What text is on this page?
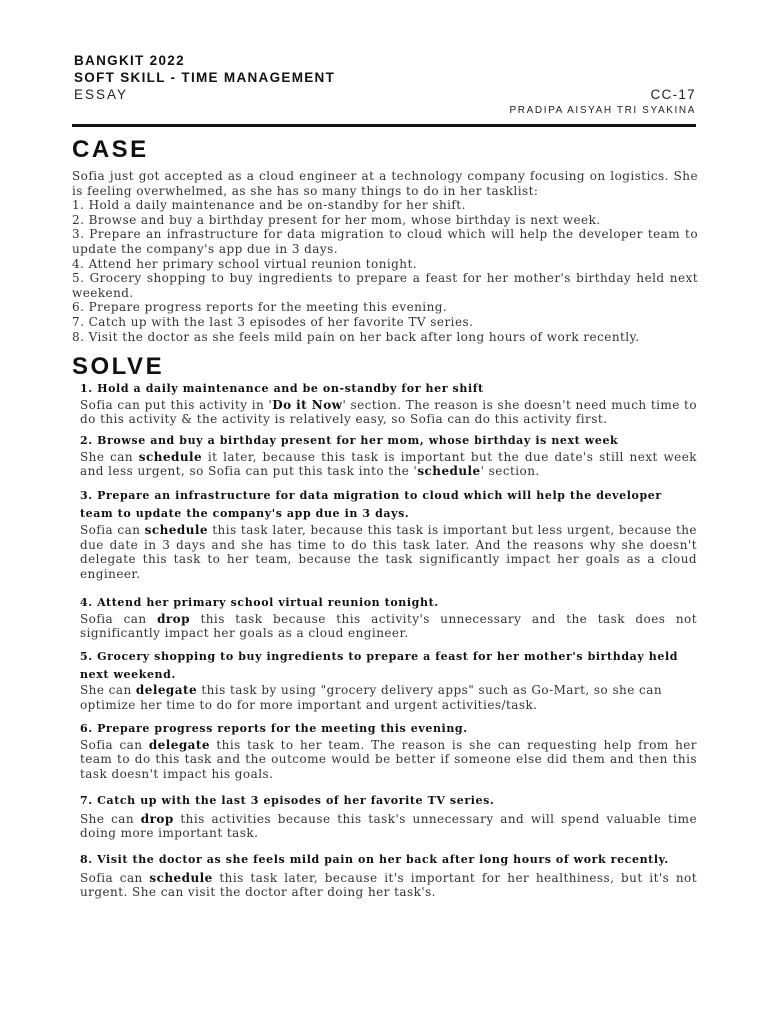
BANGKIT 2022
SOFT SKILL - TIME MANAGEMENT
ESSAY	CC-17
PRADIPA AISYAH TRI SYAKINA
CASE

Sofia just got accepted as a cloud engineer at a technology company focusing on logistics. She is feeling overwhelmed, as she has so many things to do in her tasklist:

1. Hold a daily maintenance and be on-standby for her shift.

2. Browse and buy a birthday present for her mom, whose birthday is next week.

3. Prepare an infrastructure for data migration to cloud which will help the developer team to update the company's app due in 3 days.

4. Attend her primary school virtual reunion tonight.

5. Grocery shopping to buy ingredients to prepare a feast for her mother's birthday held next weekend.

6. Prepare progress reports for the meeting this evening.

7. Catch up with the last 3 episodes of her favorite TV series.

8. Visit the doctor as she feels mild pain on her back after long hours of work recently.

SOLVE

1. Hold a daily maintenance and be on-standby for her shift

Sofia can put this activity in 'Do it Now' section. The reason is she doesn't need much time to do this activity & the activity is relatively easy, so Sofia can do this activity first.

2. Browse and buy a birthday present for her mom, whose birthday is next week

She can schedule it later, because this task is important but the due date's still next week and less urgent, so Sofia can put this task into the 'schedule' section.

3. Prepare an infrastructure for data migration to cloud which will help the developer team to update the company's app due in 3 days.

Sofia can schedule this task later, because this task is important but less urgent, because the due date in 3 days and she has time to do this task later. And the reasons why she doesn't delegate this task to her team, because the task significantly impact her goals as a cloud engineer.

4. Attend her primary school virtual reunion tonight.

Sofia can drop this task because this activity's unnecessary and the task does not significantly impact her goals as a cloud engineer.

5. Grocery shopping to buy ingredients to prepare a feast for her mother's birthday held next weekend.

She can delegate this task by using "grocery delivery apps" such as Go-Mart, so she can optimize her time to do for more important and urgent activities/task.

6. Prepare progress reports for the meeting this evening.

Sofia can delegate this task to her team. The reason is she can requesting help from her team to do this task and the outcome would be better if someone else did them and then this task doesn't impact his goals.

7. Catch up with the last 3 episodes of her favorite TV series.

She can drop this activities because this task's unnecessary and will spend valuable time doing more important task.

8. Visit the doctor as she feels mild pain on her back after long hours of work recently.

Sofia can schedule this task later, because it's important for her healthiness, but it's not urgent. She can visit the doctor after doing her task's.
